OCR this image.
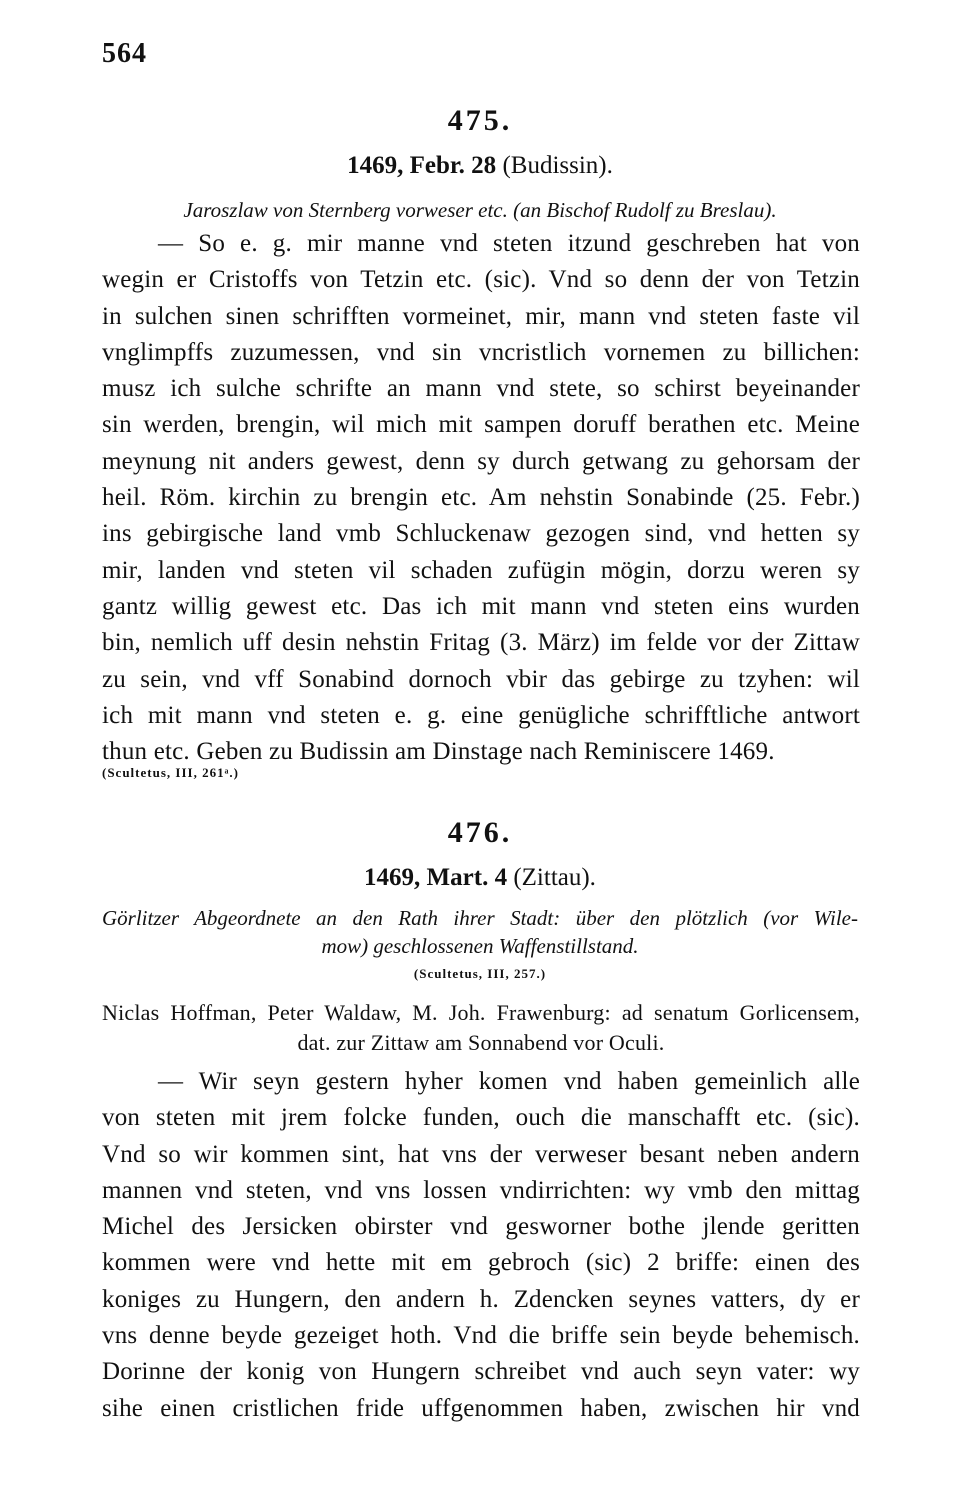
564
475.
1469, Febr. 28 (Budissin).
Jaroszlaw von Sternberg vorweser etc. (an Bischof Rudolf zu Breslau).
— So e. g. mir manne vnd steten itzund geschreben hat von
wegin er Cristoffs von Tetzin etc. (sic). Vnd so denn der von Tetzin
in sulchen sinen schrifften vormeinet, mir, mann vnd steten faste vil
vnglimpffs zuzumessen, vnd sin vncristlich vornemen zu billichen:
musz ich sulche schrifte an mann vnd stete, so schirst beyeinander
sin werden, brengin, wil mich mit sampen doruff berathen etc. Meine
meynung nit anders gewest, denn sy durch getwang zu gehorsam der
heil. Röm. kirchin zu brengin etc. Am nehstin Sonabinde (25. Febr.)
ins gebirgische land vmb Schluckenaw gezogen sind, vnd hetten sy
mir, landen vnd steten vil schaden zufügin mögin, dorzu weren sy
gantz willig gewest etc. Das ich mit mann vnd steten eins wurden
bin, nemlich uff desin nehstin Fritag (3. März) im felde vor der Zittaw
zu sein, vnd vff Sonabind dornoch vbir das gebirge zu tzyhen: wil
ich mit mann vnd steten e. g. eine genügliche schrifftliche antwort
thun etc. Geben zu Budissin am Dinstage nach Reminiscere 1469.
(Scultetus, III, 261ᵃ.)
476.
1469, Mart. 4 (Zittau).
Görlitzer Abgeordnete an den Rath ihrer Stadt: über den plötzlich (vor Wile-
mow) geschlossenen Waffenstillstand.
(Scultetus, III, 257.)
Niclas Hoffman, Peter Waldaw, M. Joh. Frawenburg: ad senatum Gorlicensem,
dat. zur Zittaw am Sonnabend vor Oculi.
— Wir seyn gestern hyher komen vnd haben gemeinlich alle
von steten mit jrem folcke funden, ouch die manschafft etc. (sic).
Vnd so wir kommen sint, hat vns der verweser besant neben andern
mannen vnd steten, vnd vns lossen vndirrichten: wy vmb den mittag
Michel des Jersicken obirster vnd gesworner bothe jlende geritten
kommen were vnd hette mit em gebroch (sic) 2 briffe: einen des
koniges zu Hungern, den andern h. Zdencken seynes vatters, dy er
vns denne beyde gezeiget hoth. Vnd die briffe sein beyde behemisch.
Dorinne der konig von Hungern schreibet vnd auch seyn vater: wy
sihe einen cristlichen fride uffgenommen haben, zwischen hir vnd
